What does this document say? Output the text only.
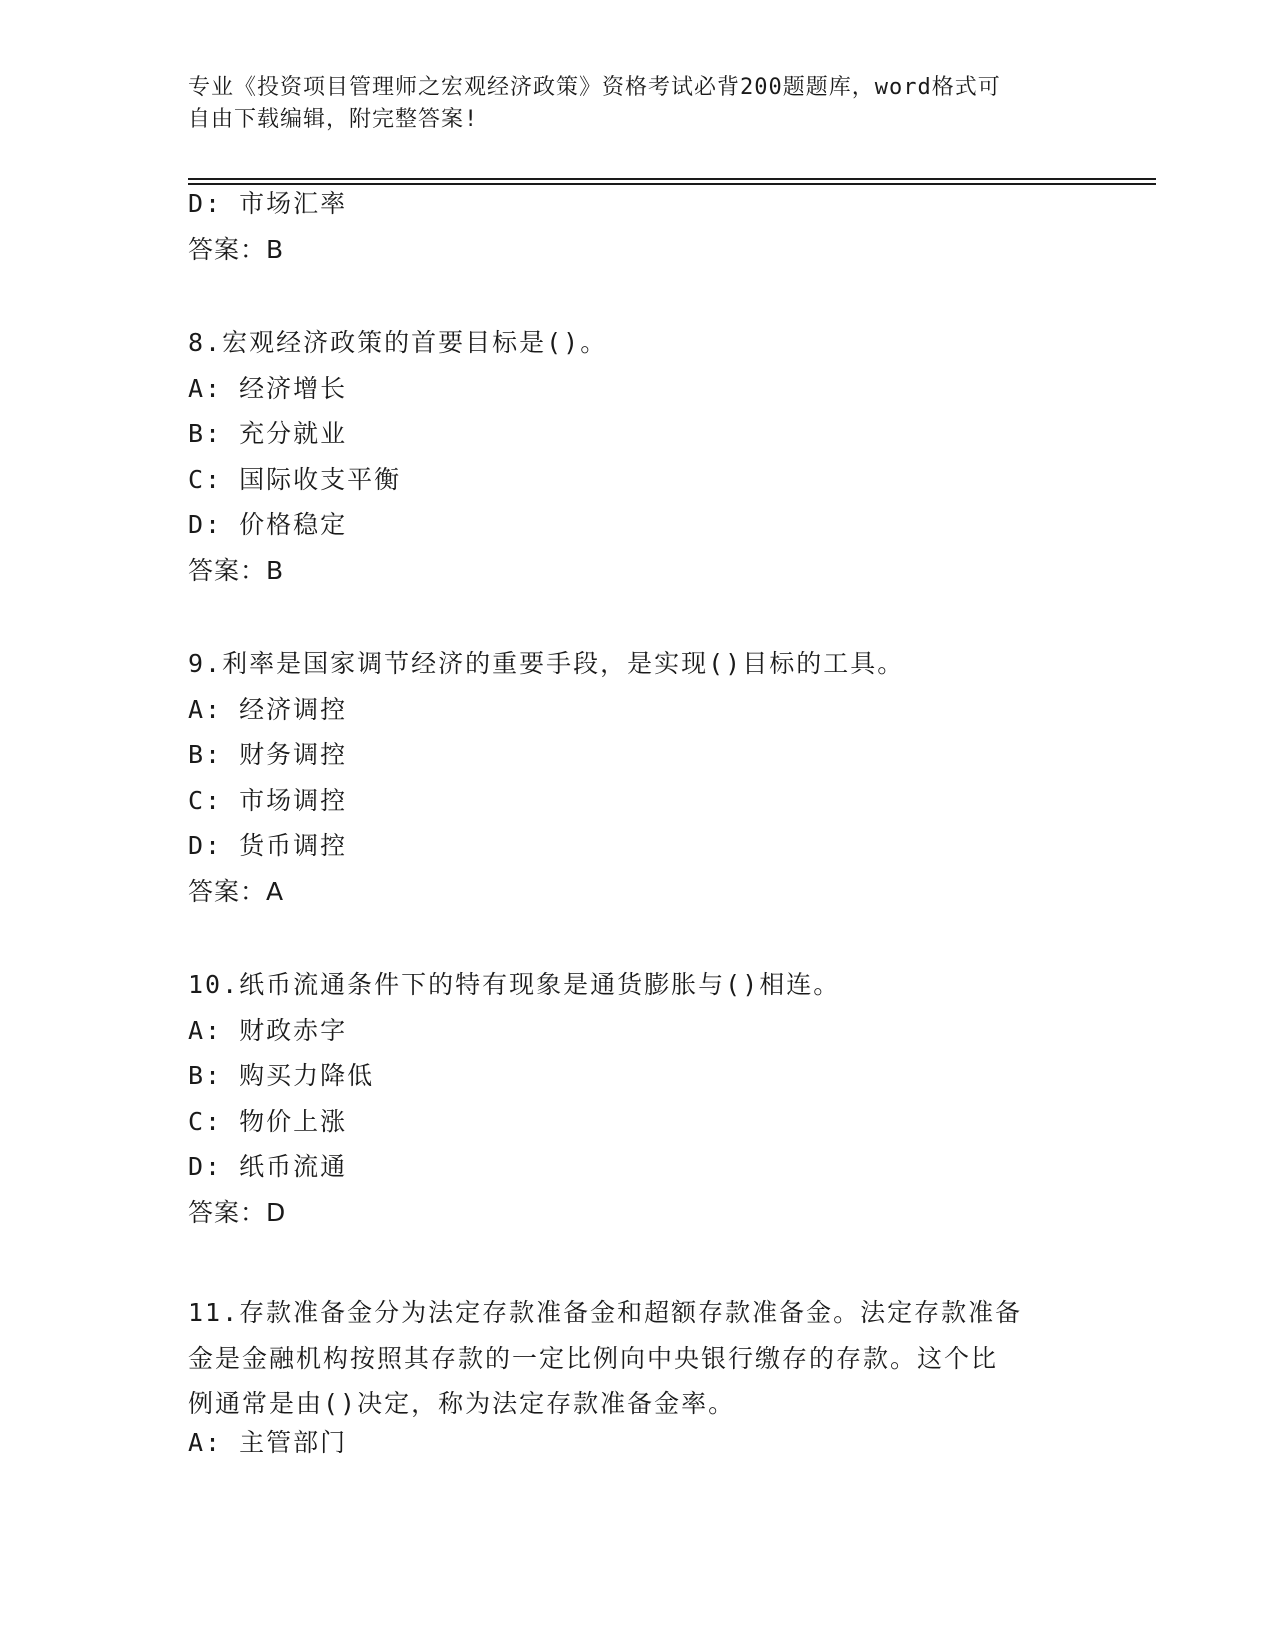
专业《投资项目管理师之宏观经济政策》资格考试必背200题题库，word格式可
自由下载编辑，附完整答案!
D: 市场汇率
答案：B
8.宏观经济政策的首要目标是()。
A: 经济增长
B: 充分就业
C: 国际收支平衡
D: 价格稳定
答案：B
9.利率是国家调节经济的重要手段，是实现()目标的工具。
A: 经济调控
B: 财务调控
C: 市场调控
D: 货币调控
答案：A
10.纸币流通条件下的特有现象是通货膨胀与()相连。
A: 财政赤字
B: 购买力降低
C: 物价上涨
D: 纸币流通
答案：D
11.存款准备金分为法定存款准备金和超额存款准备金。法定存款准备
金是金融机构按照其存款的一定比例向中央银行缴存的存款。这个比
例通常是由()决定，称为法定存款准备金率。
A: 主管部门
